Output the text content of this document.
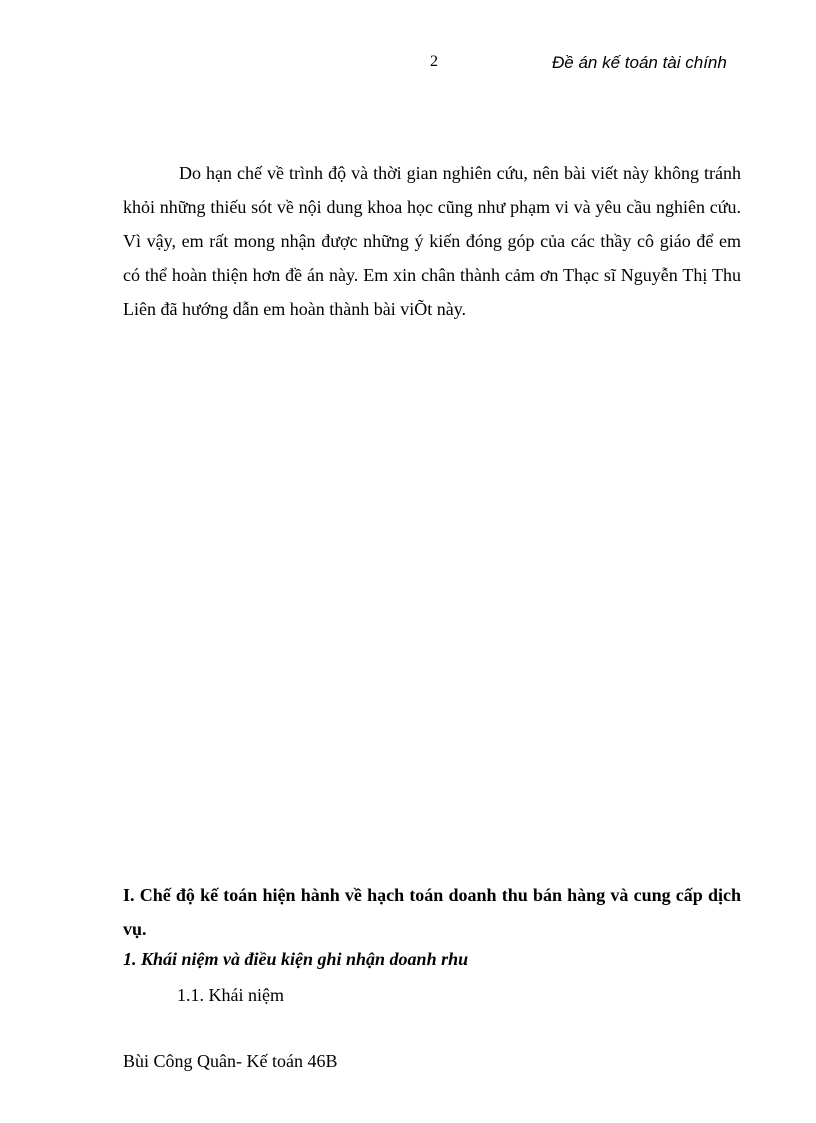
2	Đề án kế toán tài chính

Do hạn chế về trình độ và thời gian nghiên cứu, nên bài viết này không tránh khỏi những thiếu sót về nội dung khoa học cũng như phạm vi và yêu cầu nghiên cứu. Vì vậy, em rất mong nhận được những ý kiến đóng góp của các thầy cô giáo để em có thể hoàn thiện hơn đề án này. Em xin chân thành cảm ơn Thạc sĩ Nguyễn Thị Thu Liên đã hướng dẫn em hoàn thành bài viÕt này.

I. Chế độ kế toán hiện hành về hạch toán doanh thu bán hàng và cung cấp dịch vụ.

1. Khái niệm và điều kiện ghi nhận doanh rhu

1.1. Khái niệm

Bùi Công Quân- Kế toán 46B
